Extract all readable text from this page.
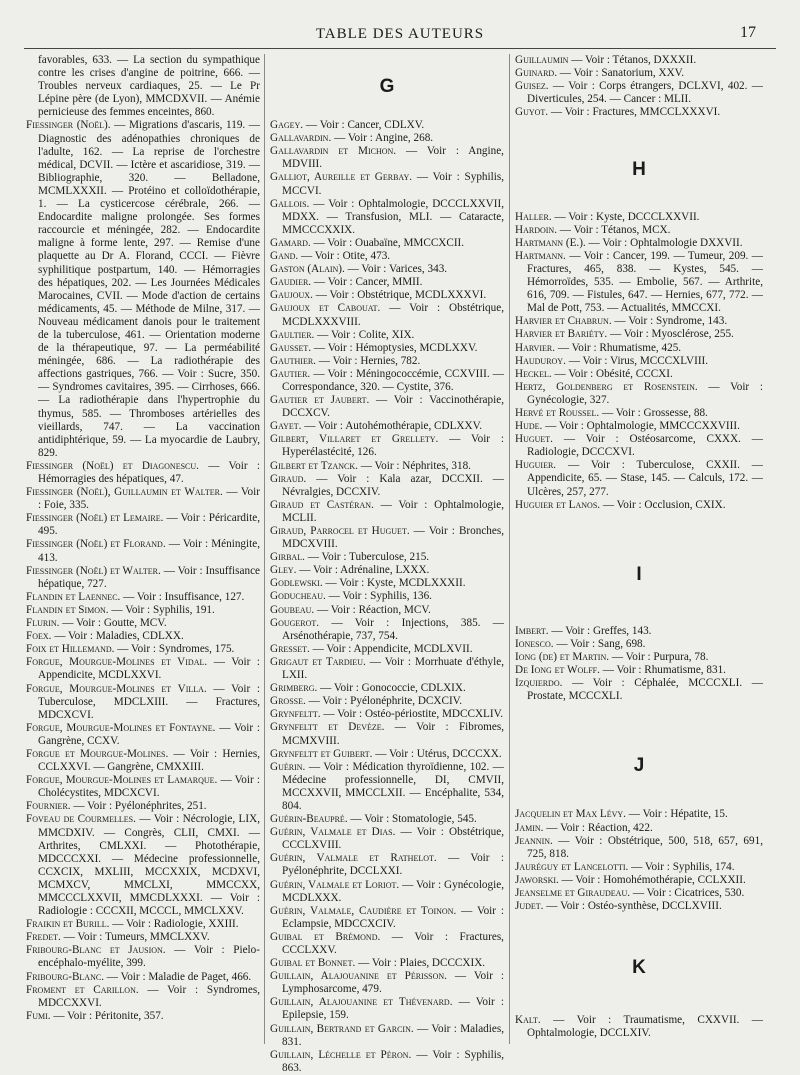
TABLE DES AUTEURS	17

favorables, 633. — La section du sympathique contre les crises d'angine de poitrine, 666. — Troubles nerveux cardiaques, 25. — Le Pr Lépine père (de Lyon), MMCDXVII. — Anémie pernicieuse des femmes enceintes, 860.

Fiessinger (Noël). — Migrations d'ascaris, 119. — Diagnostic des adénopathies chroniques de l'adulte, 162. — La reprise de l'orchestre médical, DCVII. — Ictère et ascaridiose, 319. — Bibliographie, 320. — Belladone, MCMLXXXII. — Protéino et colloïdothérapie, 1. — La cysticercose cérébrale, 266. — Endocardite maligne prolongée. Ses formes raccourcie et méningée, 282. — Endocardite maligne à forme lente, 297. — Remise d'une plaquette au Dr A. Florand, CCCI. — Fièvre syphilitique postpartum, 140. — Hémorragies des hépatiques, 202. — Les Journées Médicales Marocaines, CVII. — Mode d'action de certains médicaments, 45. — Méthode de Milne, 317. — Nouveau médicament danois pour le traitement de la tuberculose, 461. — Orientation moderne de la thérapeutique, 97. — La perméabilité méningée, 686. — La radiothérapie des affections gastriques, 766. — Voir : Sucre, 350. — Syndromes cavitaires, 395. — Cirrhoses, 666. — La radiothérapie dans l'hypertrophie du thymus, 585. — Thromboses artérielles des vieillards, 747. — La vaccination antidiphtérique, 59. — La myocardie de Laubry, 829.

Fiessinger (Noël) et Diagonescu. — Voir : Hémorragies des hépatiques, 47.

Fiessinger (Noël), Guillaumin et Walter. — Voir : Foie, 335.

Fiessinger (Noël) et Lemaire. — Voir : Péricardite, 495.

Fiessinger (Noël) et Florand. — Voir : Méningite, 413.

Fiessinger (Noël) et Walter. — Voir : Insuffisance hépatique, 727.

Flandin et Laennec. — Voir : Insuffisance, 127.

Flandin et Simon. — Voir : Syphilis, 191.

Flurin. — Voir : Goutte, MCV.

Foex. — Voir : Maladies, CDLXX.

Foix et Hillemand. — Voir : Syndromes, 175.

Forgue, Mourgue-Molines et Vidal. — Voir : Appendicite, MCDLXXVI.

Forgue, Mourgue-Molines et Villa. — Voir : Tuberculose, MDCLXIII. — Fractures, MDCXCVI.

Forgue, Mourgue-Molines et Fontayne. — Voir : Gangrène, CCXV.

Forgue et Mourgue-Molines. — Voir : Hernies, CCLXXVI. — Gangrène, CMXXIII.

Forgue, Mourgue-Molines et Lamarque. — Voir : Cholécystites, MDCXCVI.

Fournier. — Voir : Pyélonéphrites, 251.

Foveau de Courmelles. — Voir : Nécrologie, LIX, MMCDXIV. — Congrès, CLII, CMXI. — Arthrites, CMLXXI. — Photothérapie, MDCCCXXI. — Médecine professionnelle, CCXCIX, MXLIII, MCCXXIX, MCDXVI, MCMXCV, MMCLXI, MMCCXX, MMCCCLXXVII, MMCDLXXXI. — Voir : Radiologie : CCCXII, MCCCL, MMCLXXV.

Fraikin et Burill. — Voir : Radiologie, XXIII.

Fredet. — Voir : Tumeurs, MMCLXXV.

Fribourg-Blanc et Jausion. — Voir : Pielo-encéphalo-myélite, 399.

Fribourg-Blanc. — Voir : Maladie de Paget, 466.

Froment et Carillon. — Voir : Syndromes, MDCCXXVI.

Fumi. — Voir : Péritonite, 357.

G

Gagey. — Voir : Cancer, CDLXV.

Gallavardin. — Voir : Angine, 268.

Gallavardin et Michon. — Voir : Angine, MDVIII.

Galliot, Aureille et Gerbay. — Voir : Syphilis, MCCVI.

Gallois. — Voir : Ophtalmologie, DCCCLXXVII, MDXX. — Transfusion, MLI. — Cataracte, MMCCCXXIX.

Gamard. — Voir : Ouabaïne, MMCCXCII.

Gand. — Voir : Otite, 473.

Gaston (Alain). — Voir : Varices, 343.

Gaudier. — Voir : Cancer, MMII.

Gaujoux. — Voir : Obstétrique, MCDLXXXVI.

Gaujoux et Cabouat. — Voir : Obstétrique, MCDLXXXVIII.

Gaultier. — Voir : Colite, XIX.

Gausset. — Voir : Hémoptysies, MCDLXXV.

Gauthier. — Voir : Hernies, 782.

Gautier. — Voir : Méningococcémie, CCXVIII. — Correspondance, 320. — Cystite, 376.

Gautier et Jaubert. — Voir : Vaccinothérapie, DCCXCV.

Gayet. — Voir : Autohémothérapie, CDLXXV.

Gilbert, Villaret et Grellety. — Voir : Hyperélastécité, 126.

Gilbert et Tzanck. — Voir : Néphrites, 318.

Giraud. — Voir : Kala azar, DCCXII. — Névralgies, DCCXIV.

Giraud et Castéran. — Voir : Ophtalmologie, MCLII.

Giraud, Parrocel et Huguet. — Voir : Bronches, MDCXVIII.

Girbal. — Voir : Tuberculose, 215.

Gley. — Voir : Adrénaline, LXXX.

Godlewski. — Voir : Kyste, MCDLXXXII.

Goducheau. — Voir : Syphilis, 136.

Goubeau. — Voir : Réaction, MCV.

Gougerot. — Voir : Injections, 385. — Arsénothérapie, 737, 754.

Gresset. — Voir : Appendicite, MCDLXVII.

Grigaut et Tardieu. — Voir : Morrhuate d'éthyle, LXII.

Grimberg. — Voir : Gonococcie, CDLXIX.

Grosse. — Voir : Pyélonéphrite, DCXCIV.

Grynfeltt. — Voir : Ostéo-périostite, MDCCXLIV.

Grynfeltt et Devèze. — Voir : Fibromes, MCMXVIII.

Grynfeltt et Guibert. — Voir : Utérus, DCCCXX.

Guérin. — Voir : Médication thyroïdienne, 102. — Médecine professionnelle, DI, CMVII, MCCXXVII, MMCCLXII. — Encéphalite, 534, 804.

Guérin-Beaupré. — Voir : Stomatologie, 545.

Guérin, Valmale et Dias. — Voir : Obstétrique, CCCLXVIII.

Guérin, Valmale et Rathelot. — Voir : Pyélonéphrite, DCCLXXI.

Guérin, Valmale et Loriot. — Voir : Gynécologie, MCDLXXX.

Guérin, Valmale, Caudière et Toinon. — Voir : Eclampsie, MDCCXCIV.

Guibal et Brémond. — Voir : Fractures, CCCLXXV.

Guibal et Bonnet. — Voir : Plaies, DCCCXIX.

Guillain, Alajouanine et Périsson. — Voir : Lymphosarcome, 479.

Guillain, Alajouanine et Thévenard. — Voir : Epilepsie, 159.

Guillain, Bertrand et Garcin. — Voir : Maladies, 831.

Guillain, Léchelle et Péron. — Voir : Syphilis, 863.

Guillaumin — Voir : Tétanos, DXXXII.

Guinard. — Voir : Sanatorium, XXV.

Guisez. — Voir : Corps étrangers, DCLXVI, 402. — Diverticules, 254. — Cancer : MLII.

Guyot. — Voir : Fractures, MMCCLXXXVI.

H

Haller. — Voir : Kyste, DCCCLXXVII.

Hardoin. — Voir : Tétanos, MCX.

Hartmann (E.). — Voir : Ophtalmologie DXXVII.

Hartmann. — Voir : Cancer, 199. — Tumeur, 209. — Fractures, 465, 838. — Kystes, 545. — Hémorroïdes, 535. — Embolie, 567. — Arthrite, 616, 709. — Fistules, 647. — Hernies, 677, 772. — Mal de Pott, 753. — Actualités, MMCCXI.

Harvier et Chabrun. — Voir : Syndrome, 143.

Harvier et Bariéty. — Voir : Myosclérose, 255.

Harvier. — Voir : Rhumatisme, 425.

Hauduroy. — Voir : Virus, MCCCXLVIII.

Heckel. — Voir : Obésité, CCCXI.

Hertz, Goldenberg et Rosenstein. — Voir : Gynécologie, 327.

Hervé et Roussel. — Voir : Grossesse, 88.

Hude. — Voir : Ophtalmologie, MMCCCXXVIII.

Huguet. — Voir : Ostéosarcome, CXXX. — Radiologie, DCCCXVI.

Huguier. — Voir : Tuberculose, CXXII. — Appendicite, 65. — Stase, 145. — Calculs, 172. — Ulcères, 257, 277.

Huguier et Lanos. — Voir : Occlusion, CXIX.

I

Imbert. — Voir : Greffes, 143.

Ionesco. — Voir : Sang, 698.

Iong (de) et Martin. — Voir : Purpura, 78.

De Iong et Wolff. — Voir : Rhumatisme, 831.

Izquierdo. — Voir : Céphalée, MCCCXLI. — Prostate, MCCCXLI.

J

Jacquelin et Max Lévy. — Voir : Hépatite, 15.

Jamin. — Voir : Réaction, 422.

Jeannin. — Voir : Obstétrique, 500, 518, 657, 691, 725, 818.

Jauréguy et Lancelotti. — Voir : Syphilis, 174.

Jaworski. — Voir : Homohémothérapie, CCLXXII.

Jeanselme et Giraudeau. — Voir : Cicatrices, 530.

Judet. — Voir : Ostéo-synthèse, DCCLXVIII.

K

Kalt. — Voir : Traumatisme, CXXVII. — Ophtalmologie, DCCLXIV.
